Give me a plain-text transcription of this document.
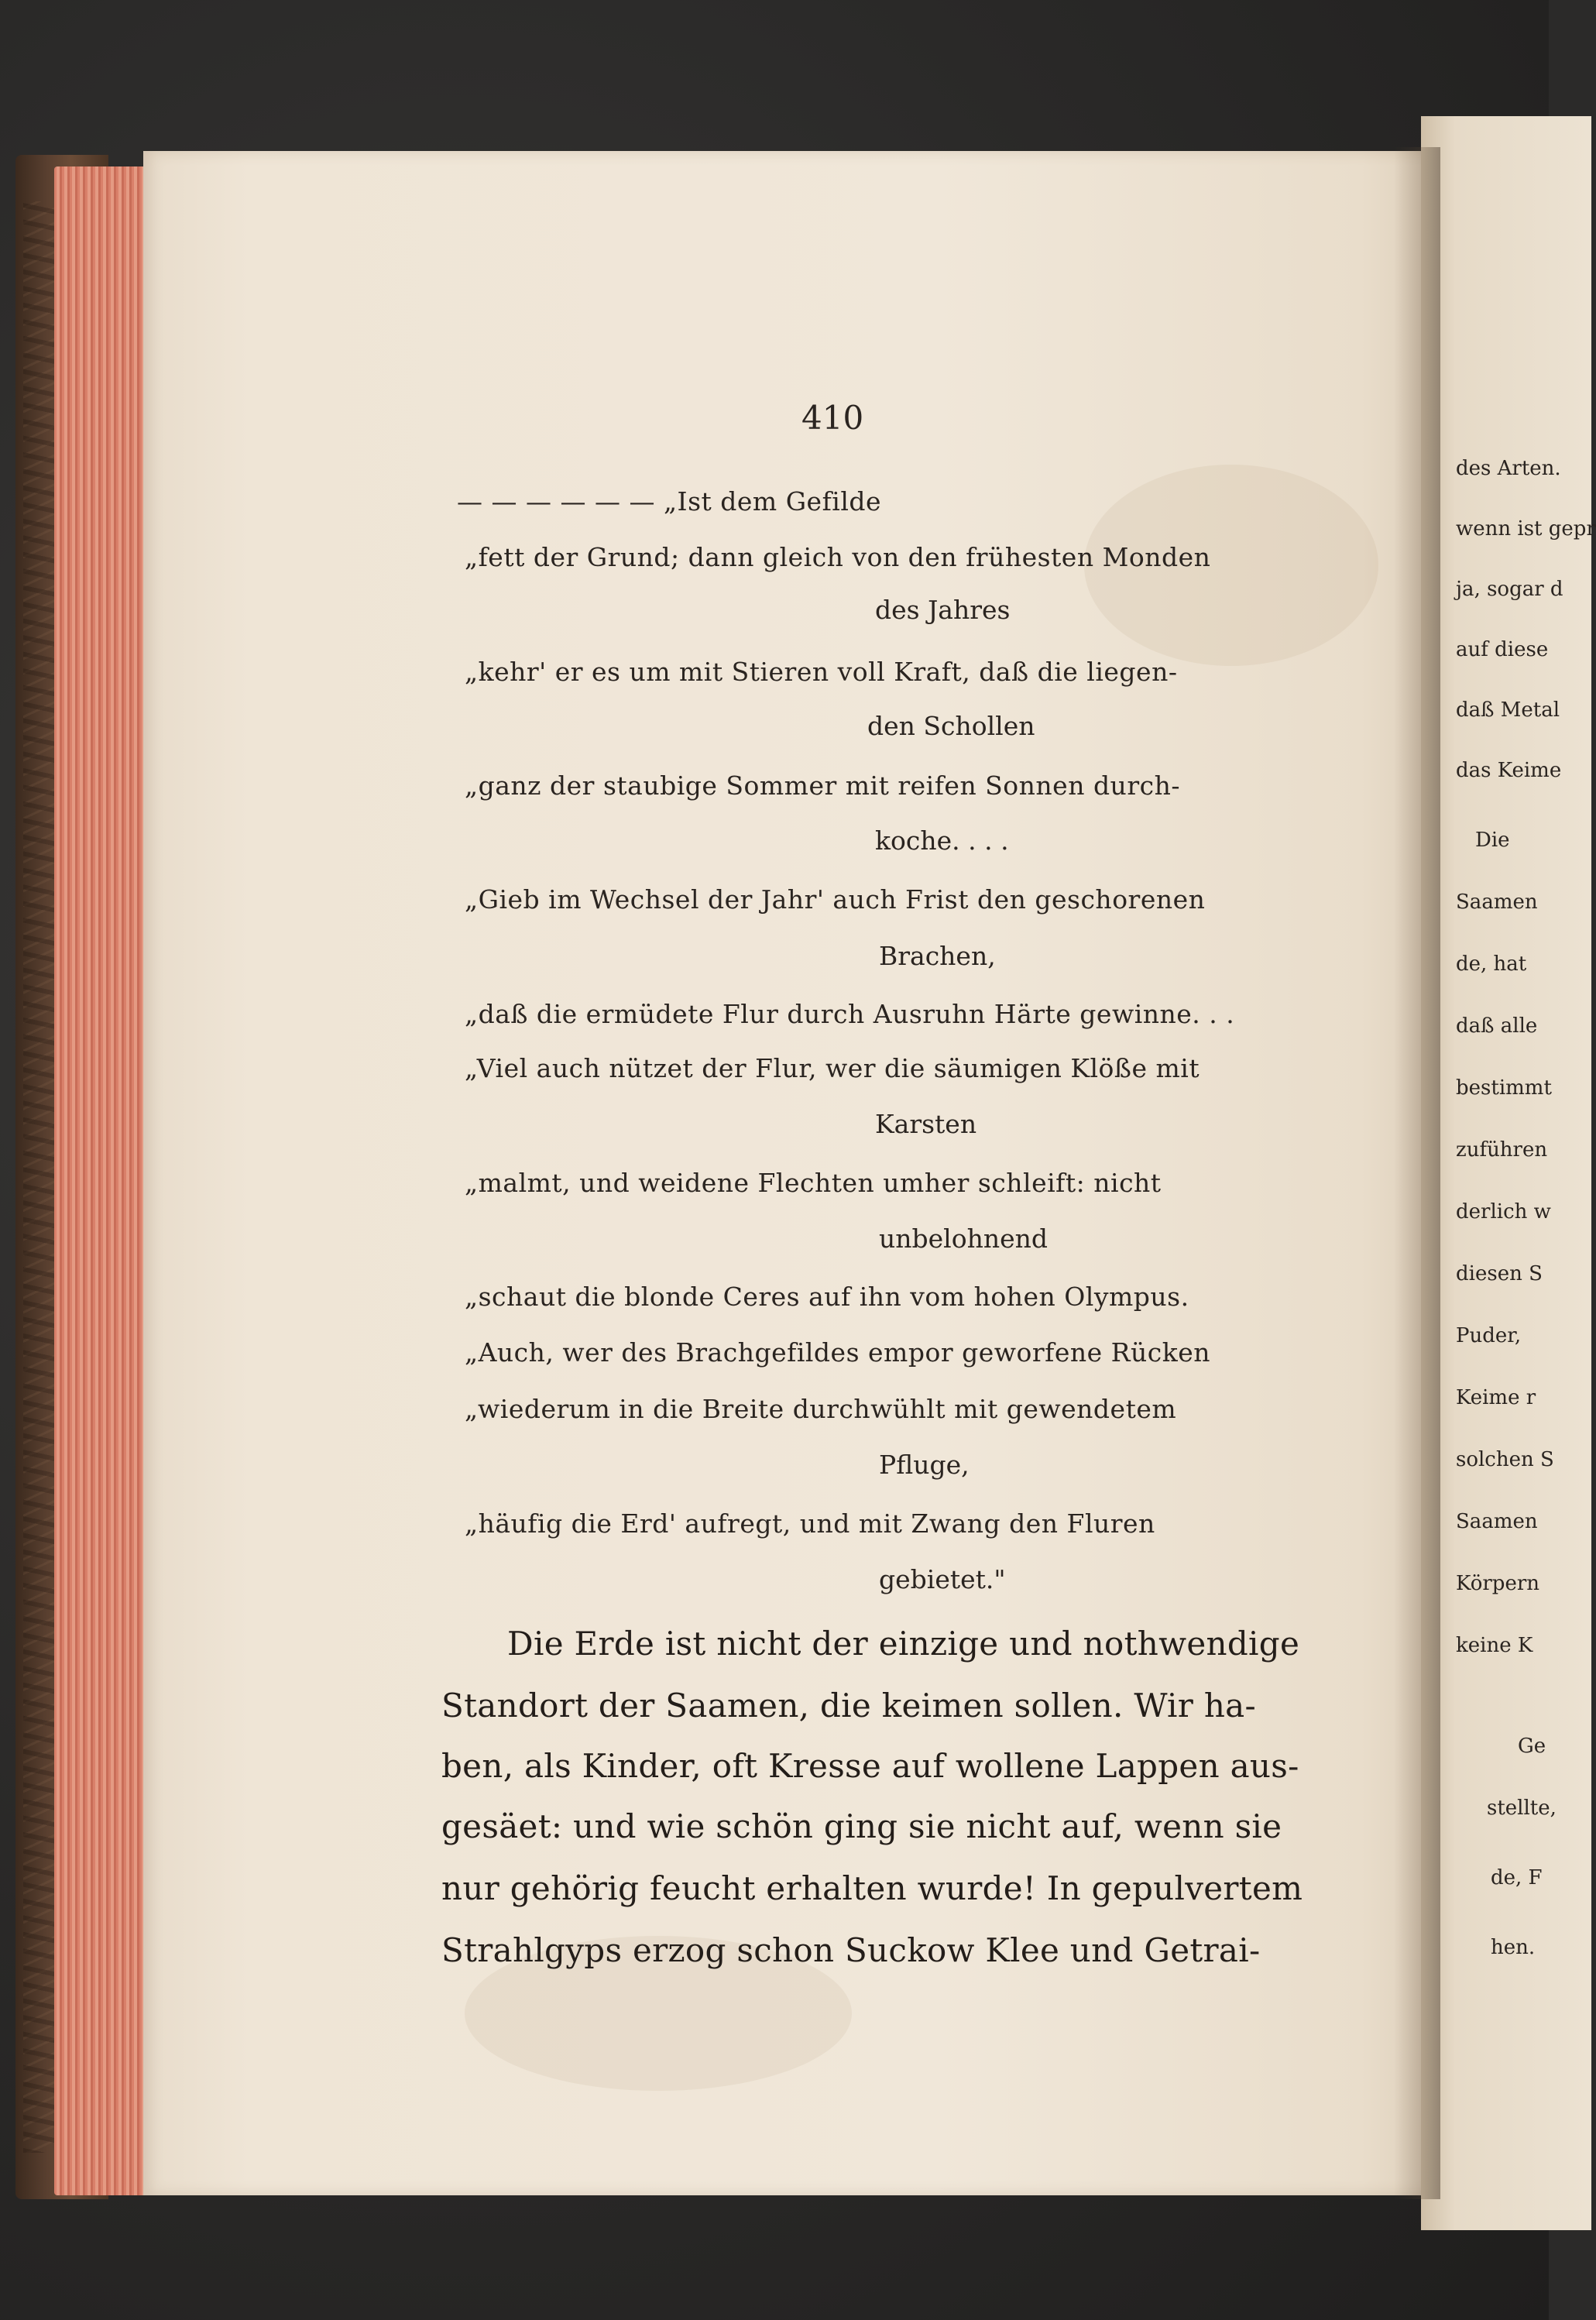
410
— — — — — — „Ist dem Gefilde
„fett der Grund; dann gleich von den frühesten Monden
des Jahres
„kehr' er es um mit Stieren voll Kraft, daß die liegen-
den Schollen
„ganz der staubige Sommer mit reifen Sonnen durch-
koche. . . .
„Gieb im Wechsel der Jahr' auch Frist den geschorenen
Brachen,
„daß die ermüdete Flur durch Ausruhn Härte gewinne. . .
„Viel auch nützet der Flur, wer die säumigen Klöße mit
Karsten
„malmt, und weidene Flechten umher schleift: nicht
unbelohnend
„schaut die blonde Ceres auf ihn vom hohen Olympus.
„Auch, wer des Brachgefildes empor geworfene Rücken
„wiederum in die Breite durchwühlt mit gewendetem
Pfluge,
„häufig die Erd' aufregt, und mit Zwang den Fluren
gebietet."
Die Erde ist nicht der einzige und nothwendige
Standort der Saamen, die keimen sollen. Wir ha-
ben, als Kinder, oft Kresse auf wollene Lappen aus-
gesäet: und wie schön ging sie nicht auf, wenn sie
nur gehörig feucht erhalten wurde! In gepulvertem
Strahlgyps erzog schon Suckow Klee und Getrai-
des Arten.
wenn ist gepr
ja, sogar d
auf diese
daß Metal
das Keime
Die
Saamen
de, hat
daß alle
bestimmt
zuführen
derlich w
diesen S
Puder,
Keime r
solchen S
Saamen
Körpern
keine K
Ge
stellte,
de, F
hen.
